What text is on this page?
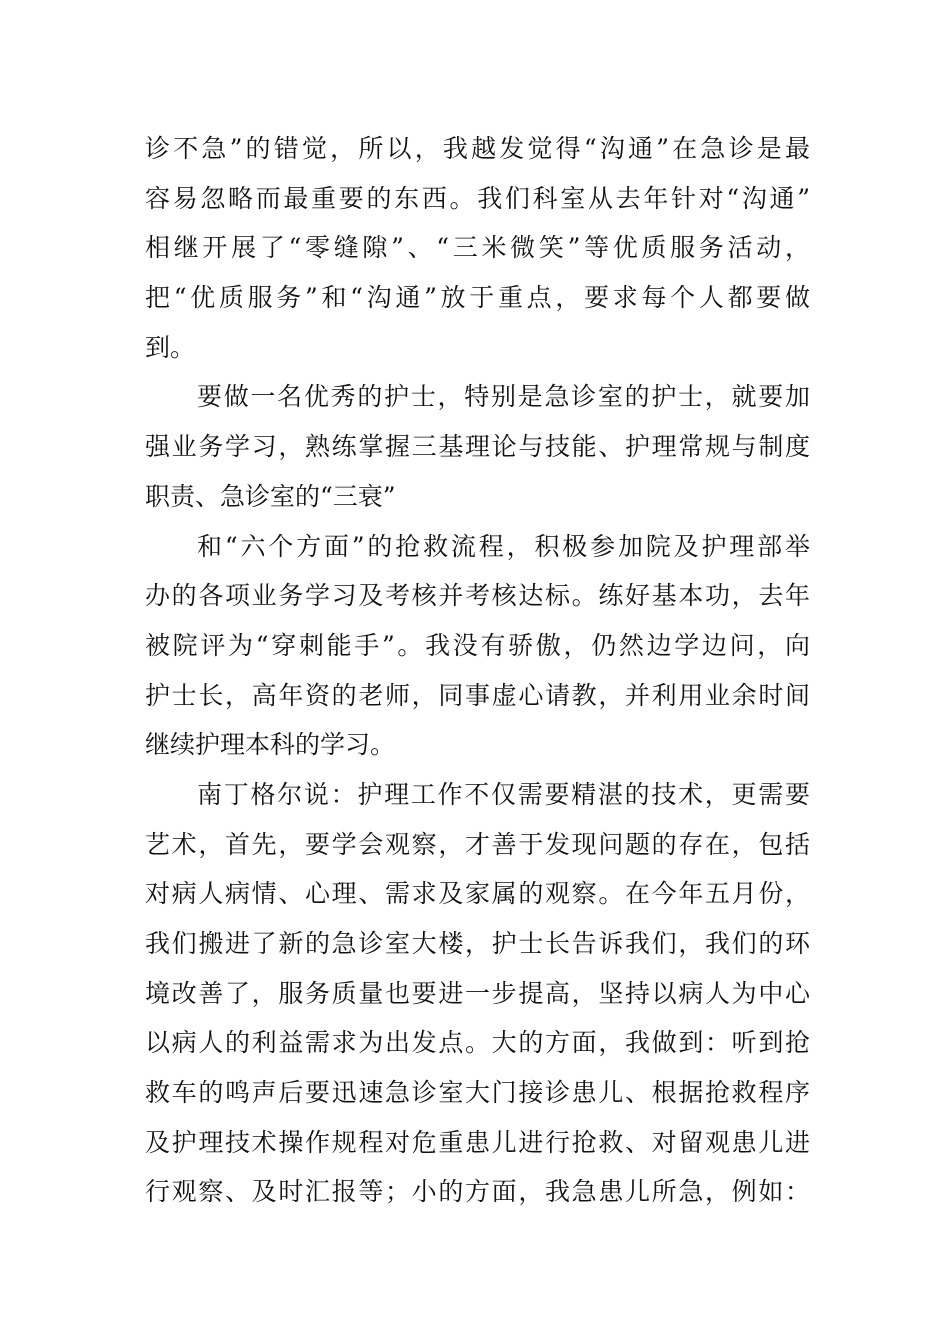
诊不急”的错觉，所以，我越发觉得“沟通”在急诊是最
容易忽略而最重要的东西。我们科室从去年针对“沟通”
相继开展了“零缝隙”、“三米微笑”等优质服务活动，
把“优质服务”和“沟通”放于重点，要求每个人都要做
到。
要做一名优秀的护士，特别是急诊室的护士，就要加
强业务学习，熟练掌握三基理论与技能、护理常规与制度
职责、急诊室的“三衰”
和“六个方面”的抢救流程，积极参加院及护理部举
办的各项业务学习及考核并考核达标。练好基本功，去年
被院评为“穿刺能手”。我没有骄傲，仍然边学边问，向
护士长，高年资的老师，同事虚心请教，并利用业余时间
继续护理本科的学习。
南丁格尔说：护理工作不仅需要精湛的技术，更需要
艺术，首先，要学会观察，才善于发现问题的存在，包括
对病人病情、心理、需求及家属的观察。在今年五月份，
我们搬进了新的急诊室大楼，护士长告诉我们，我们的环
境改善了，服务质量也要进一步提高，坚持以病人为中心
以病人的利益需求为出发点。大的方面，我做到：听到抢
救车的鸣声后要迅速急诊室大门接诊患儿、根据抢救程序
及护理技术操作规程对危重患儿进行抢救、对留观患儿进
行观察、及时汇报等；小的方面，我急患儿所急，例如：
